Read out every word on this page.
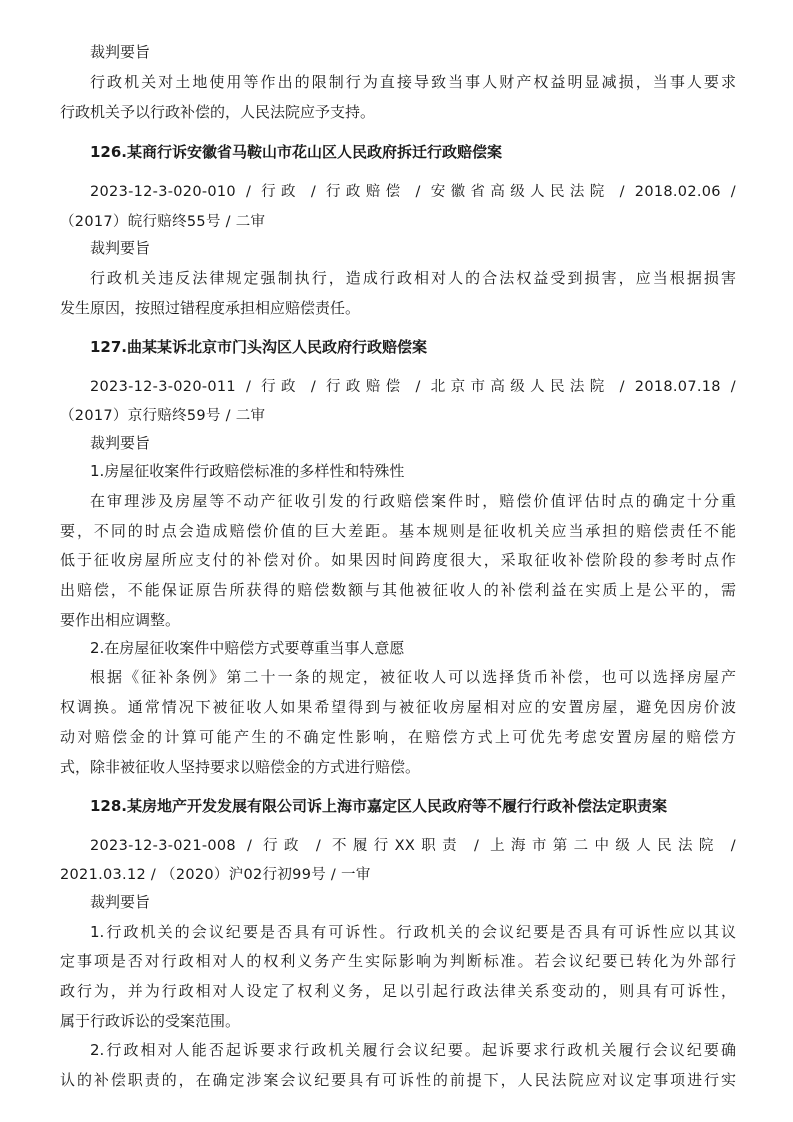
裁判要旨
行政机关对土地使用等作出的限制行为直接导致当事人财产权益明显减损，当事人要求
行政机关予以行政补偿的，人民法院应予支持。
126.某商行诉安徽省马鞍山市花山区人民政府拆迁行政赔偿案
2023-12-3-020-010 / 行政 / 行政赔偿 / 安徽省高级人民法院 / 2018.02.06 /
（2017）皖行赔终55号 / 二审
裁判要旨
行政机关违反法律规定强制执行，造成行政相对人的合法权益受到损害，应当根据损害
发生原因，按照过错程度承担相应赔偿责任。
127.曲某某诉北京市门头沟区人民政府行政赔偿案
2023-12-3-020-011 / 行政 / 行政赔偿 / 北京市高级人民法院 / 2018.07.18 /
（2017）京行赔终59号 / 二审
裁判要旨
1.房屋征收案件行政赔偿标准的多样性和特殊性
在审理涉及房屋等不动产征收引发的行政赔偿案件时，赔偿价值评估时点的确定十分重
要，不同的时点会造成赔偿价值的巨大差距。基本规则是征收机关应当承担的赔偿责任不能
低于征收房屋所应支付的补偿对价。如果因时间跨度很大，采取征收补偿阶段的参考时点作
出赔偿，不能保证原告所获得的赔偿数额与其他被征收人的补偿利益在实质上是公平的，需
要作出相应调整。
2.在房屋征收案件中赔偿方式要尊重当事人意愿
根据《征补条例》第二十一条的规定，被征收人可以选择货币补偿，也可以选择房屋产
权调换。通常情况下被征收人如果希望得到与被征收房屋相对应的安置房屋，避免因房价波
动对赔偿金的计算可能产生的不确定性影响，在赔偿方式上可优先考虑安置房屋的赔偿方
式，除非被征收人坚持要求以赔偿金的方式进行赔偿。
128.某房地产开发发展有限公司诉上海市嘉定区人民政府等不履行行政补偿法定职责案
2023-12-3-021-008 / 行政 / 不履行XX职责 / 上海市第二中级人民法院 /
2021.03.12 / （2020）沪02行初99号 / 一审
裁判要旨
1.行政机关的会议纪要是否具有可诉性。行政机关的会议纪要是否具有可诉性应以其议
定事项是否对行政相对人的权利义务产生实际影响为判断标准。若会议纪要已转化为外部行
政行为，并为行政相对人设定了权利义务，足以引起行政法律关系变动的，则具有可诉性，
属于行政诉讼的受案范围。
2.行政相对人能否起诉要求行政机关履行会议纪要。起诉要求行政机关履行会议纪要确
认的补偿职责的，在确定涉案会议纪要具有可诉性的前提下，人民法院应对议定事项进行实
